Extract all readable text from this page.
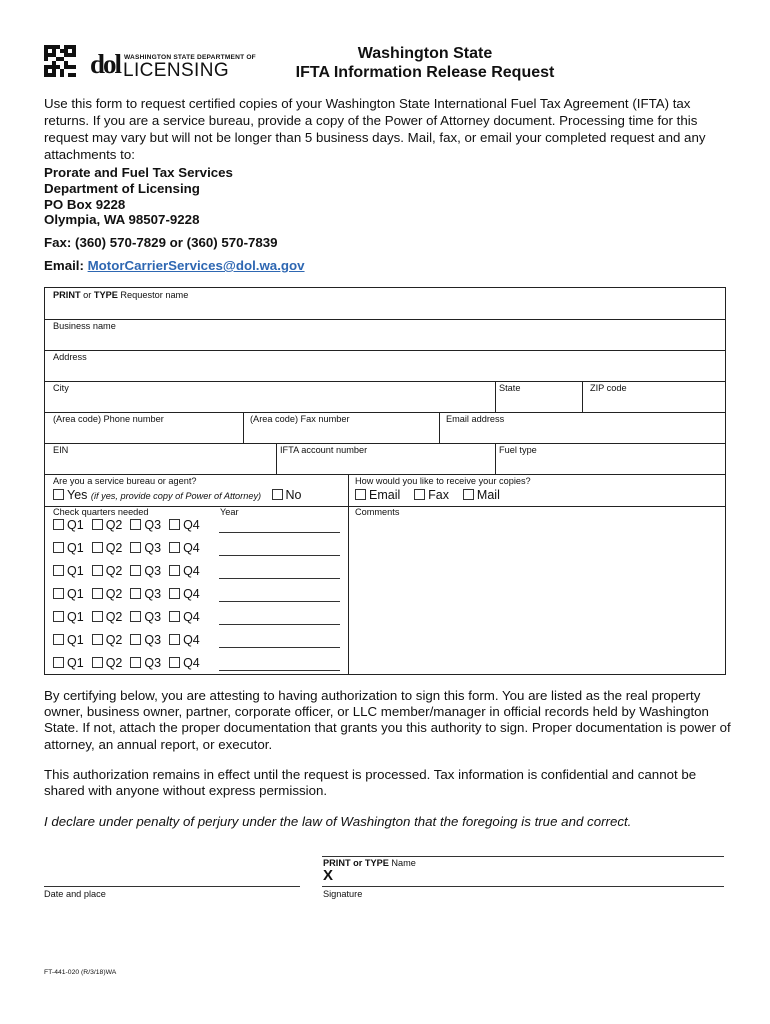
dol WASHINGTON STATE DEPARTMENT OF
LICENSING
Washington State
IFTA Information Release Request
Use this form to request certified copies of your Washington State International Fuel Tax Agreement (IFTA) tax returns. If you are a service bureau, provide a copy of the Power of Attorney document. Processing time for this request may vary but will not be longer than 5 business days. Mail, fax, or email your completed request and any attachments to:
Prorate and Fuel Tax Services
Department of Licensing
PO Box 9228
Olympia, WA 98507-9228
Fax: (360) 570-7829 or (360) 570-7839
Email: MotorCarrierServices@dol.wa.gov
PRINT or TYPE Requestor name
Business name
Address
City	State	ZIP code
(Area code) Phone number	(Area code) Fax number	Email address
EIN	IFTA account number	Fuel type
Are you a service bureau or agent?
Yes (if yes, provide copy of Power of Attorney) No
How would you like to receive your copies?
Email Fax Mail
Check quarters needed	Year	Comments
Q1 Q2 Q3 Q4
Q1 Q2 Q3 Q4
Q1 Q2 Q3 Q4
Q1 Q2 Q3 Q4
Q1 Q2 Q3 Q4
Q1 Q2 Q3 Q4
Q1 Q2 Q3 Q4
By certifying below, you are attesting to having authorization to sign this form. You are listed as the real property owner, business owner, partner, corporate officer, or LLC member/manager in official records held by Washington State. If not, attach the proper documentation that grants you this authority to sign. Proper documentation is power of attorney, an annual report, or executor.
This authorization remains in effect until the request is processed. Tax information is confidential and cannot be shared with anyone without express permission.
I declare under penalty of perjury under the law of Washington that the foregoing is true and correct.
PRINT or TYPE Name
X
Date and place	Signature
FT-441-020 (R/3/18)WA
